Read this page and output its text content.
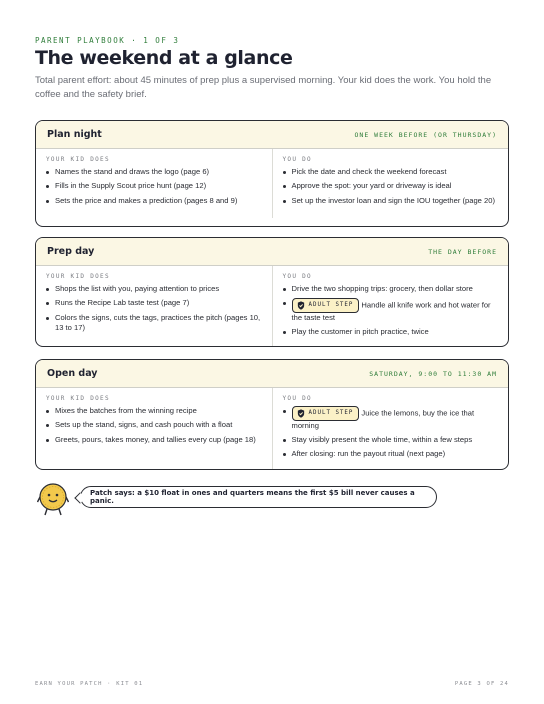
PARENT PLAYBOOK · 1 OF 3
The weekend at a glance

Total parent effort: about 45 minutes of prep plus a supervised morning. Your kid does the work. You hold the coffee and the safety brief.

Plan night	ONE WEEK BEFORE (OR THURSDAY)
YOUR KID DOES
Names the stand and draws the logo (page 6)
Fills in the Supply Scout price hunt (page 12)
Sets the price and makes a prediction (pages 8 and 9)
YOU DO
Pick the date and check the weekend forecast
Approve the spot: your yard or driveway is ideal
Set up the investor loan and sign the IOU together (page 20)
Prep day	THE DAY BEFORE
YOUR KID DOES
Shops the list with you, paying attention to prices
Runs the Recipe Lab taste test (page 7)
Colors the signs, cuts the tags, practices the pitch (pages 10, 13 to 17)
YOU DO
Drive the two shopping trips: grocery, then dollar store
ADULT STEP Handle all knife work and hot water for the taste test
Play the customer in pitch practice, twice
Open day	SATURDAY, 9:00 TO 11:30 AM
YOUR KID DOES
Mixes the batches from the winning recipe
Sets up the stand, signs, and cash pouch with a float
Greets, pours, takes money, and tallies every cup (page 18)
YOU DO
ADULT STEP Juice the lemons, buy the ice that morning
Stay visibly present the whole time, within a few steps
After closing: run the payout ritual (next page)
Patch says: a $10 float in ones and quarters means the first $5 bill never causes a panic.
EARN YOUR PATCH · KIT 01	PAGE 3 OF 24
